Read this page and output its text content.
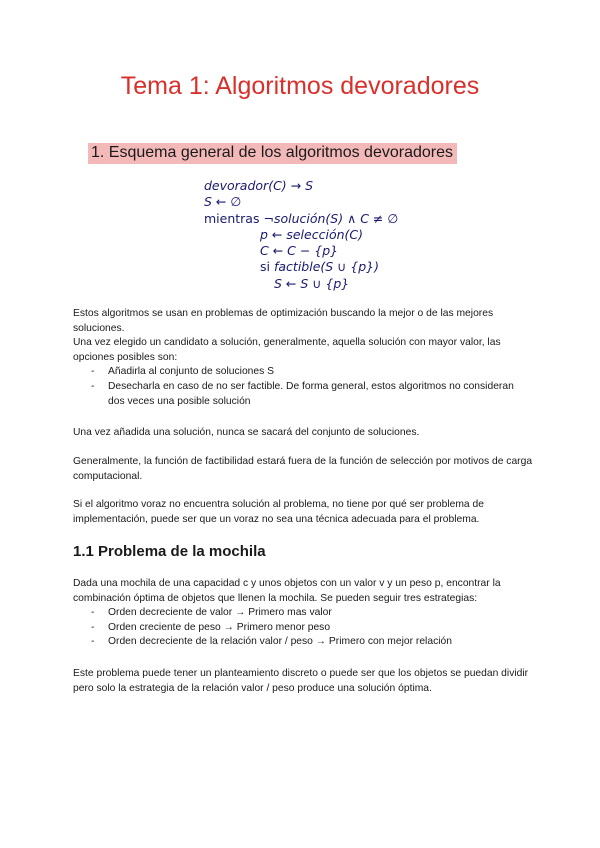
Tema 1: Algoritmos devoradores
1. Esquema general de los algoritmos devoradores
devorador(C) → S
S ← ∅
mientras ¬solución(S) ∧ C ≠ ∅
p ← selección(C)
C ← C − {p}
si factible(S ∪ {p})
S ← S ∪ {p}

Estos algoritmos se usan en problemas de optimización buscando la mejor o de las mejores soluciones.

Una vez elegido un candidato a solución, generalmente, aquella solución con mayor valor, las opciones posibles son:

- Añadirla al conjunto de soluciones S
- Desecharla en caso de no ser factible. De forma general, estos algoritmos no consideran dos veces una posible solución
Una vez añadida una solución, nunca se sacará del conjunto de soluciones.
Generalmente, la función de factibilidad estará fuera de la función de selección por motivos de carga computacional.
Si el algoritmo voraz no encuentra solución al problema, no tiene por qué ser problema de implementación, puede ser que un voraz no sea una técnica adecuada para el problema.
1.1 Problema de la mochila

Dada una mochila de una capacidad c y unos objetos con un valor v y un peso p, encontrar la combinación óptima de objetos que llenen la mochila. Se pueden seguir tres estrategias:

- Orden decreciente de valor → Primero mas valor
- Orden creciente de peso → Primero menor peso
- Orden decreciente de la relación valor / peso → Primero con mejor relación
Este problema puede tener un planteamiento discreto o puede ser que los objetos se puedan dividir pero solo la estrategia de la relación valor / peso produce una solución óptima.
